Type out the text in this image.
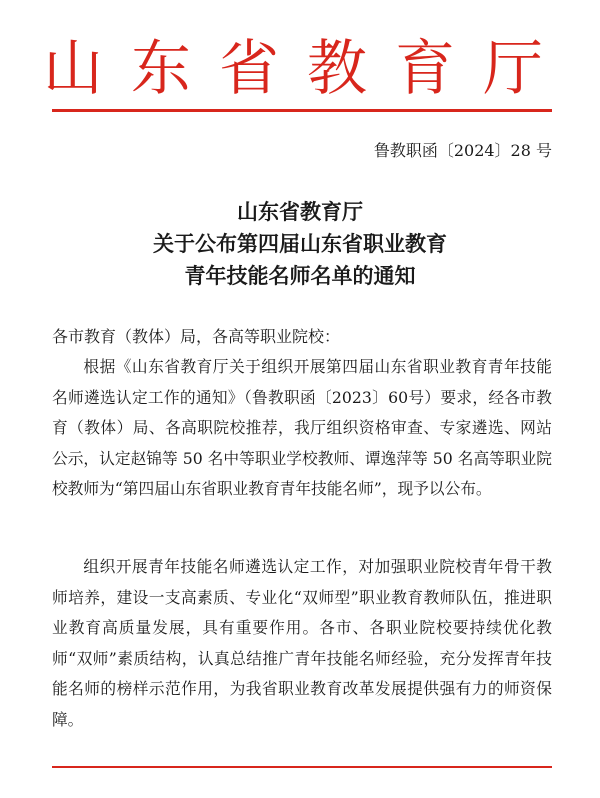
山东省教育厅
鲁教职函〔2024〕28 号
山东省教育厅
关于公布第四届山东省职业教育
青年技能名师名单的通知
各市教育（教体）局，各高等职业院校：

根据《山东省教育厅关于组织开展第四届山东省职业教育青年技能名师遴选认定工作的通知》（鲁教职函〔2023〕60号）要求，经各市教育（教体）局、各高职院校推荐，我厅组织资格审查、专家遴选、网站公示，认定赵锦等 50 名中等职业学校教师、谭逸萍等 50 名高等职业院校教师为“第四届山东省职业教育青年技能名师”，现予以公布。

组织开展青年技能名师遴选认定工作，对加强职业院校青年骨干教师培养，建设一支高素质、专业化“双师型”职业教育教师队伍，推进职业教育高质量发展，具有重要作用。各市、各职业院校要持续优化教师“双师”素质结构，认真总结推广青年技能名师经验，充分发挥青年技能名师的榜样示范作用，为我省职业教育改革发展提供强有力的师资保障。
